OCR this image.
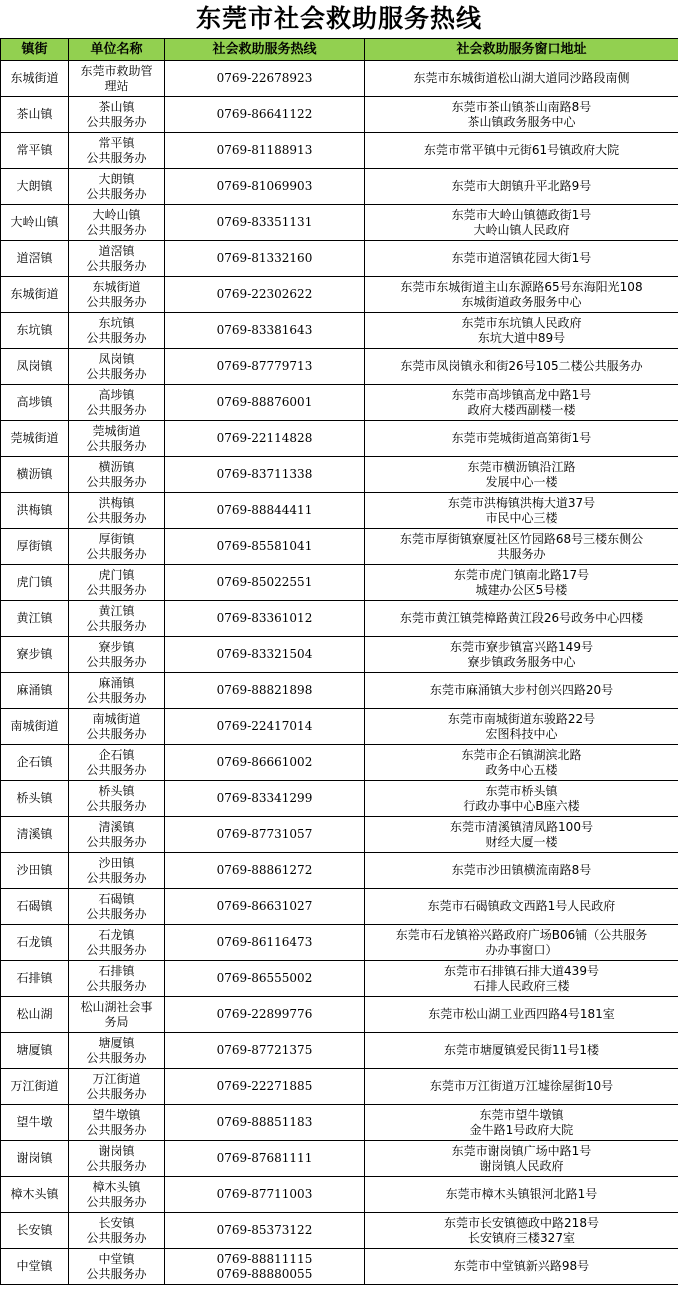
东莞市社会救助服务热线
镇街	单位名称	社会救助服务热线	社会救助服务窗口地址
东城街道	东莞市救助管
理站	0769-22678923	东莞市东城街道松山湖大道同沙路段南侧

茶山镇	茶山镇
公共服务办	0769-86641122	东莞市茶山镇茶山南路8号
茶山镇政务服务中心

常平镇	常平镇
公共服务办	0769-81188913	东莞市常平镇中元街61号镇政府大院

大朗镇	大朗镇
公共服务办	0769-81069903	东莞市大朗镇升平北路9号

大岭山镇	大岭山镇
公共服务办	0769-83351131	东莞市大岭山镇德政街1号
大岭山镇人民政府

道滘镇	道滘镇
公共服务办	0769-81332160	东莞市道滘镇花园大街1号

东城街道	东城街道
公共服务办	0769-22302622	东莞市东城街道主山东源路65号东海阳光108
东城街道政务服务中心

东坑镇	东坑镇
公共服务办	0769-83381643	东莞市东坑镇人民政府
东坑大道中89号

凤岗镇	凤岗镇
公共服务办	0769-87779713	东莞市凤岗镇永和街26号105二楼公共服务办

高埗镇	高埗镇
公共服务办	0769-88876001	东莞市高埗镇高龙中路1号
政府大楼西副楼一楼

莞城街道	莞城街道
公共服务办	0769-22114828	东莞市莞城街道高第街1号

横沥镇	横沥镇
公共服务办	0769-83711338	东莞市横沥镇沿江路
发展中心一楼

洪梅镇	洪梅镇
公共服务办	0769-88844411	东莞市洪梅镇洪梅大道37号
市民中心三楼

厚街镇	厚街镇
公共服务办	0769-85581041	东莞市厚街镇寮厦社区竹园路68号三楼东侧公
共服务办

虎门镇	虎门镇
公共服务办	0769-85022551	东莞市虎门镇南北路17号
城建办公区5号楼

黄江镇	黄江镇
公共服务办	0769-83361012	东莞市黄江镇莞樟路黄江段26号政务中心四楼

寮步镇	寮步镇
公共服务办	0769-83321504	东莞市寮步镇富兴路149号
寮步镇政务服务中心

麻涌镇	麻涌镇
公共服务办	0769-88821898	东莞市麻涌镇大步村创兴四路20号

南城街道	南城街道
公共服务办	0769-22417014	东莞市南城街道东骏路22号
宏图科技中心

企石镇	企石镇
公共服务办	0769-86661002	东莞市企石镇湖滨北路
政务中心五楼

桥头镇	桥头镇
公共服务办	0769-83341299	东莞市桥头镇
行政办事中心B座六楼

清溪镇	清溪镇
公共服务办	0769-87731057	东莞市清溪镇清凤路100号
财经大厦一楼

沙田镇	沙田镇
公共服务办	0769-88861272	东莞市沙田镇横流南路8号

石碣镇	石碣镇
公共服务办	0769-86631027	东莞市石碣镇政文西路1号人民政府

石龙镇	石龙镇
公共服务办	0769-86116473	东莞市石龙镇裕兴路政府广场B06铺（公共服务
办办事窗口）

石排镇	石排镇
公共服务办	0769-86555002	东莞市石排镇石排大道439号
石排人民政府三楼

松山湖	松山湖社会事
务局	0769-22899776	东莞市松山湖工业西四路4号181室

塘厦镇	塘厦镇
公共服务办	0769-87721375	东莞市塘厦镇爱民街11号1楼

万江街道	万江街道
公共服务办	0769-22271885	东莞市万江街道万江墟徐屋街10号

望牛墩	望牛墩镇
公共服务办	0769-88851183	东莞市望牛墩镇
金牛路1号政府大院

谢岗镇	谢岗镇
公共服务办	0769-87681111	东莞市谢岗镇广场中路1号
谢岗镇人民政府

樟木头镇	樟木头镇
公共服务办	0769-87711003	东莞市樟木头镇银河北路1号

长安镇	长安镇
公共服务办	0769-85373122	东莞市长安镇德政中路218号
长安镇府三楼327室

中堂镇	中堂镇
公共服务办	0769-88811115
0769-88880055	东莞市中堂镇新兴路98号
